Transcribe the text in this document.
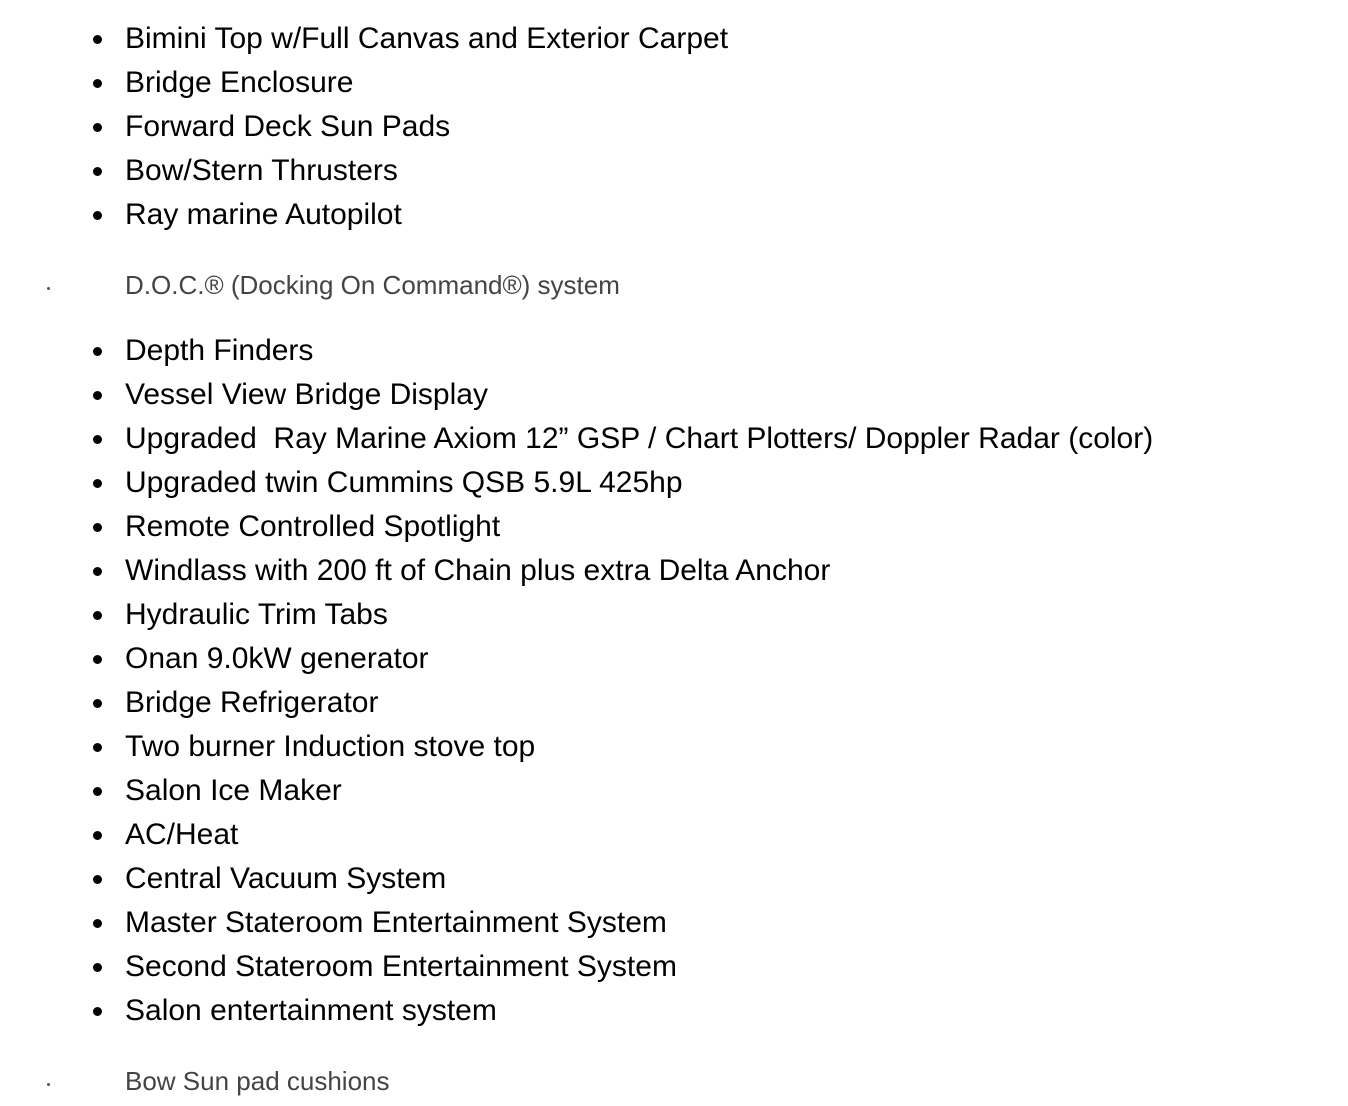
Bimini Top w/Full Canvas and Exterior Carpet
Bridge Enclosure
Forward Deck Sun Pads
Bow/Stern Thrusters
Ray marine Autopilot
D.O.C.® (Docking On Command®) system
Depth Finders
Vessel View Bridge Display
Upgraded  Ray Marine Axiom 12” GSP / Chart Plotters/ Doppler Radar (color)
Upgraded twin Cummins QSB 5.9L 425hp
Remote Controlled Spotlight
Windlass with 200 ft of Chain plus extra Delta Anchor
Hydraulic Trim Tabs
Onan 9.0kW generator
Bridge Refrigerator
Two burner Induction stove top
Salon Ice Maker
AC/Heat
Central Vacuum System
Master Stateroom Entertainment System
Second Stateroom Entertainment System
Salon entertainment system
Bow Sun pad cushions
